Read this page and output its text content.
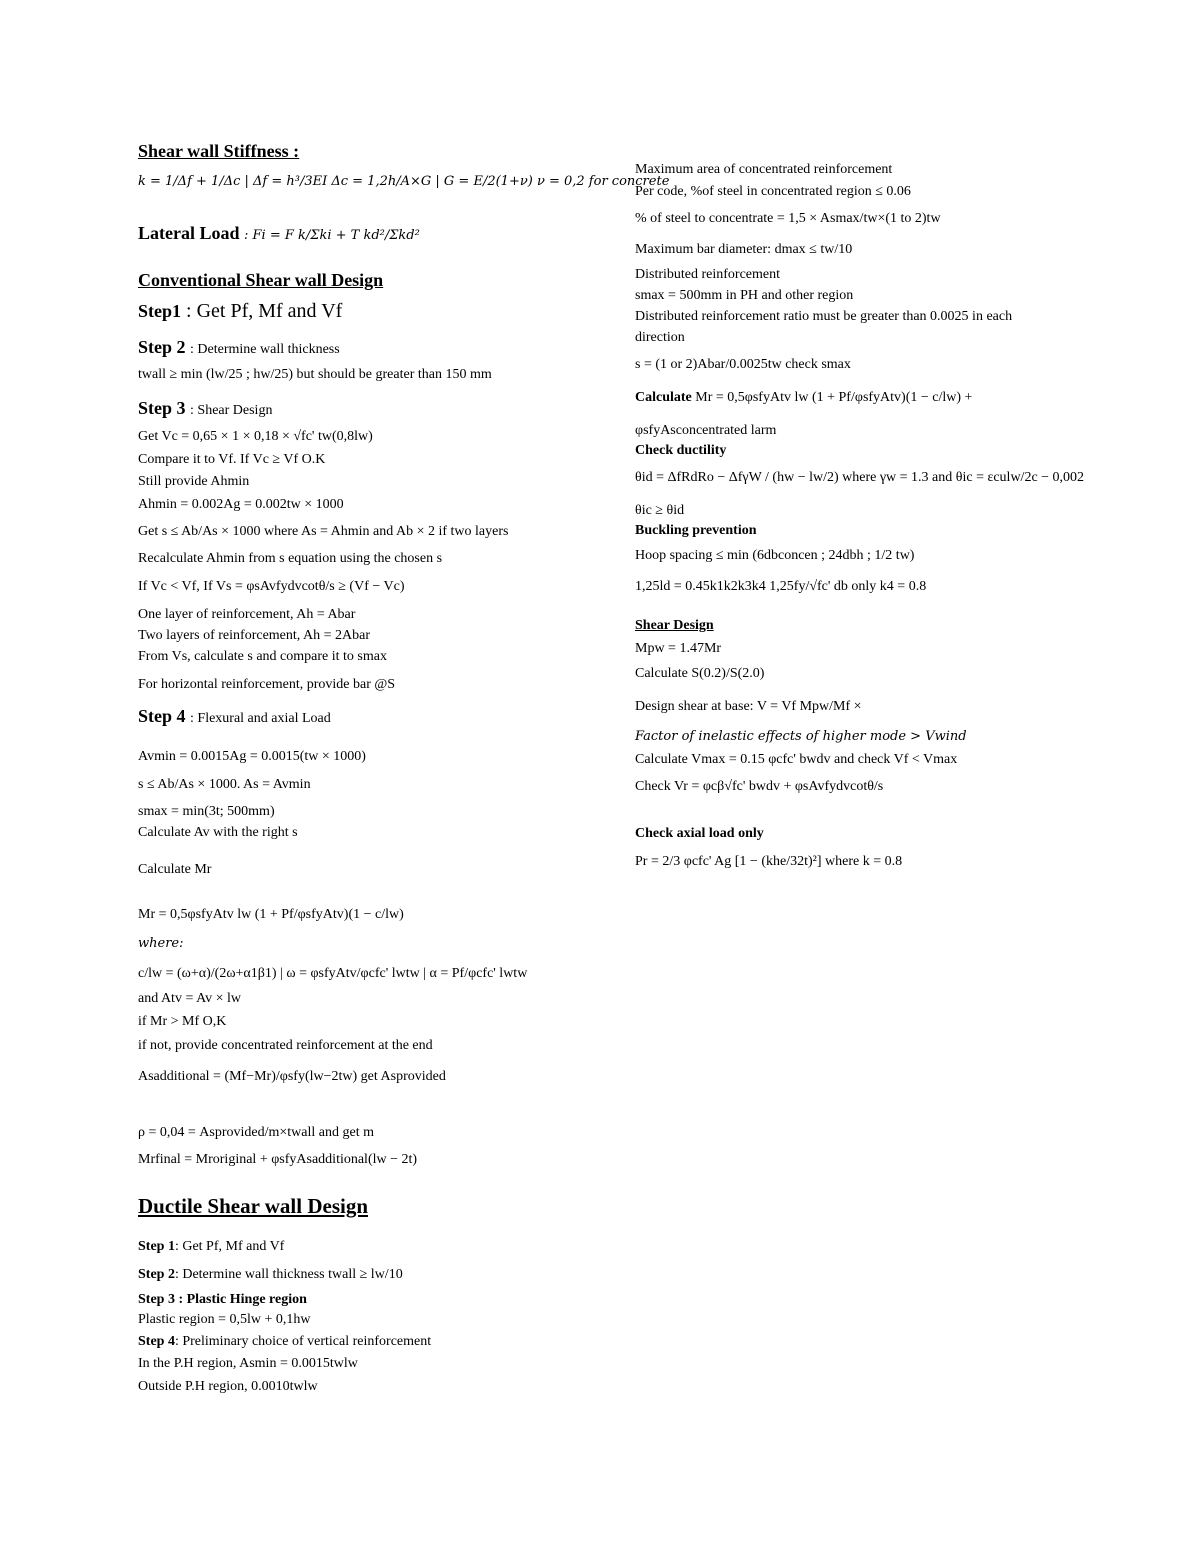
Shear wall Stiffness :
k = 1/Δf + 1/Δc | Δf = h³/3EI Δc = 1,2h/A×G | G = E/2(1+ν) ν = 0,2 for concrete
Lateral Load : Fi = F k/Σki + T kd²/Σkd²
Conventional Shear wall Design
Step1 : Get Pf, Mf and Vf
Step 2 : Determine wall thickness
twall ≥ min (lw/25 ; hw/25) but should be greater than 150 mm
Step 3 : Shear Design
Get Vc = 0,65 × 1 × 0,18 × √fc' tw(0,8lw)
Compare it to Vf. If Vc ≥ Vf O.K
Still provide Ahmin
Ahmin = 0.002Ag = 0.002tw × 1000
Get s ≤ Ab/As × 1000 where As = Ahmin and Ab × 2 if two layers
Recalculate Ahmin from s equation using the chosen s
If Vc < Vf, If Vs = φsAvfydvcotθ/s ≥ (Vf − Vc)
One layer of reinforcement, Ah = Abar
Two layers of reinforcement, Ah = 2Abar
From Vs, calculate s and compare it to smax
For horizontal reinforcement, provide bar @S
Step 4 : Flexural and axial Load
Avmin = 0.0015Ag = 0.0015(tw × 1000)
s ≤ Ab/As × 1000. As = Avmin
smax = min(3t; 500mm)
Calculate Av with the right s
Calculate Mr
Mr = 0,5φsfyAtv lw (1 + Pf/φsfyAtv)(1 − c/lw)
where:
c/lw = (ω+α)/(2ω+α1β1) | ω = φsfyAtv/φcfc' lwtw | α = Pf/φcfc' lwtw
and Atv = Av × lw
if Mr > Mf O,K
if not, provide concentrated reinforcement at the end
Asadditional = (Mf−Mr)/φsfy(lw−2tw) get Asprovided
ρ = 0,04 = Asprovided/m×twall and get m
Mrfinal = Mroriginal + φsfyAsadditional(lw − 2t)
Ductile Shear wall Design
Step 1: Get Pf, Mf and Vf
Step 2: Determine wall thickness twall ≥ lw/10
Step 3 : Plastic Hinge region
Plastic region = 0,5lw + 0,1hw
Step 4: Preliminary choice of vertical reinforcement
In the P.H region, Asmin = 0.0015twlw
Outside P.H region, 0.0010twlw
Maximum area of concentrated reinforcement
Per code, %of steel in concentrated region ≤ 0.06
% of steel to concentrate = 1,5 × Asmax/tw×(1 to 2)tw
Maximum bar diameter: dmax ≤ tw/10
Distributed reinforcement
smax = 500mm in PH and other region
Distributed reinforcement ratio must be greater than 0.0025 in each
direction
s = (1 or 2)Abar/0.0025tw check smax
Calculate Mr = 0,5φsfyAtv lw (1 + Pf/φsfyAtv)(1 − c/lw) +
φsfyAsconcentrated larm
Check ductility
θid = ΔfRdRo − ΔfγW / (hw − lw/2) where γw = 1.3 and θic = εculw/2c − 0,002
θic ≥ θid
Buckling prevention
Hoop spacing ≤ min (6dbconcen ; 24dbh ; 1/2 tw)
1,25ld = 0.45k1k2k3k4 1,25fy/√fc' db only k4 = 0.8
Shear Design
Mpw = 1.47Mr
Calculate S(0.2)/S(2.0)
Design shear at base: V = Vf Mpw/Mf ×
Factor of inelastic effects of higher mode > Vwind
Calculate Vmax = 0.15 φcfc' bwdv and check Vf < Vmax
Check Vr = φcβ√fc' bwdv + φsAvfydvcotθ/s
Check axial load only
Pr = 2/3 φcfc' Ag [1 − (khe/32t)²] where k = 0.8
